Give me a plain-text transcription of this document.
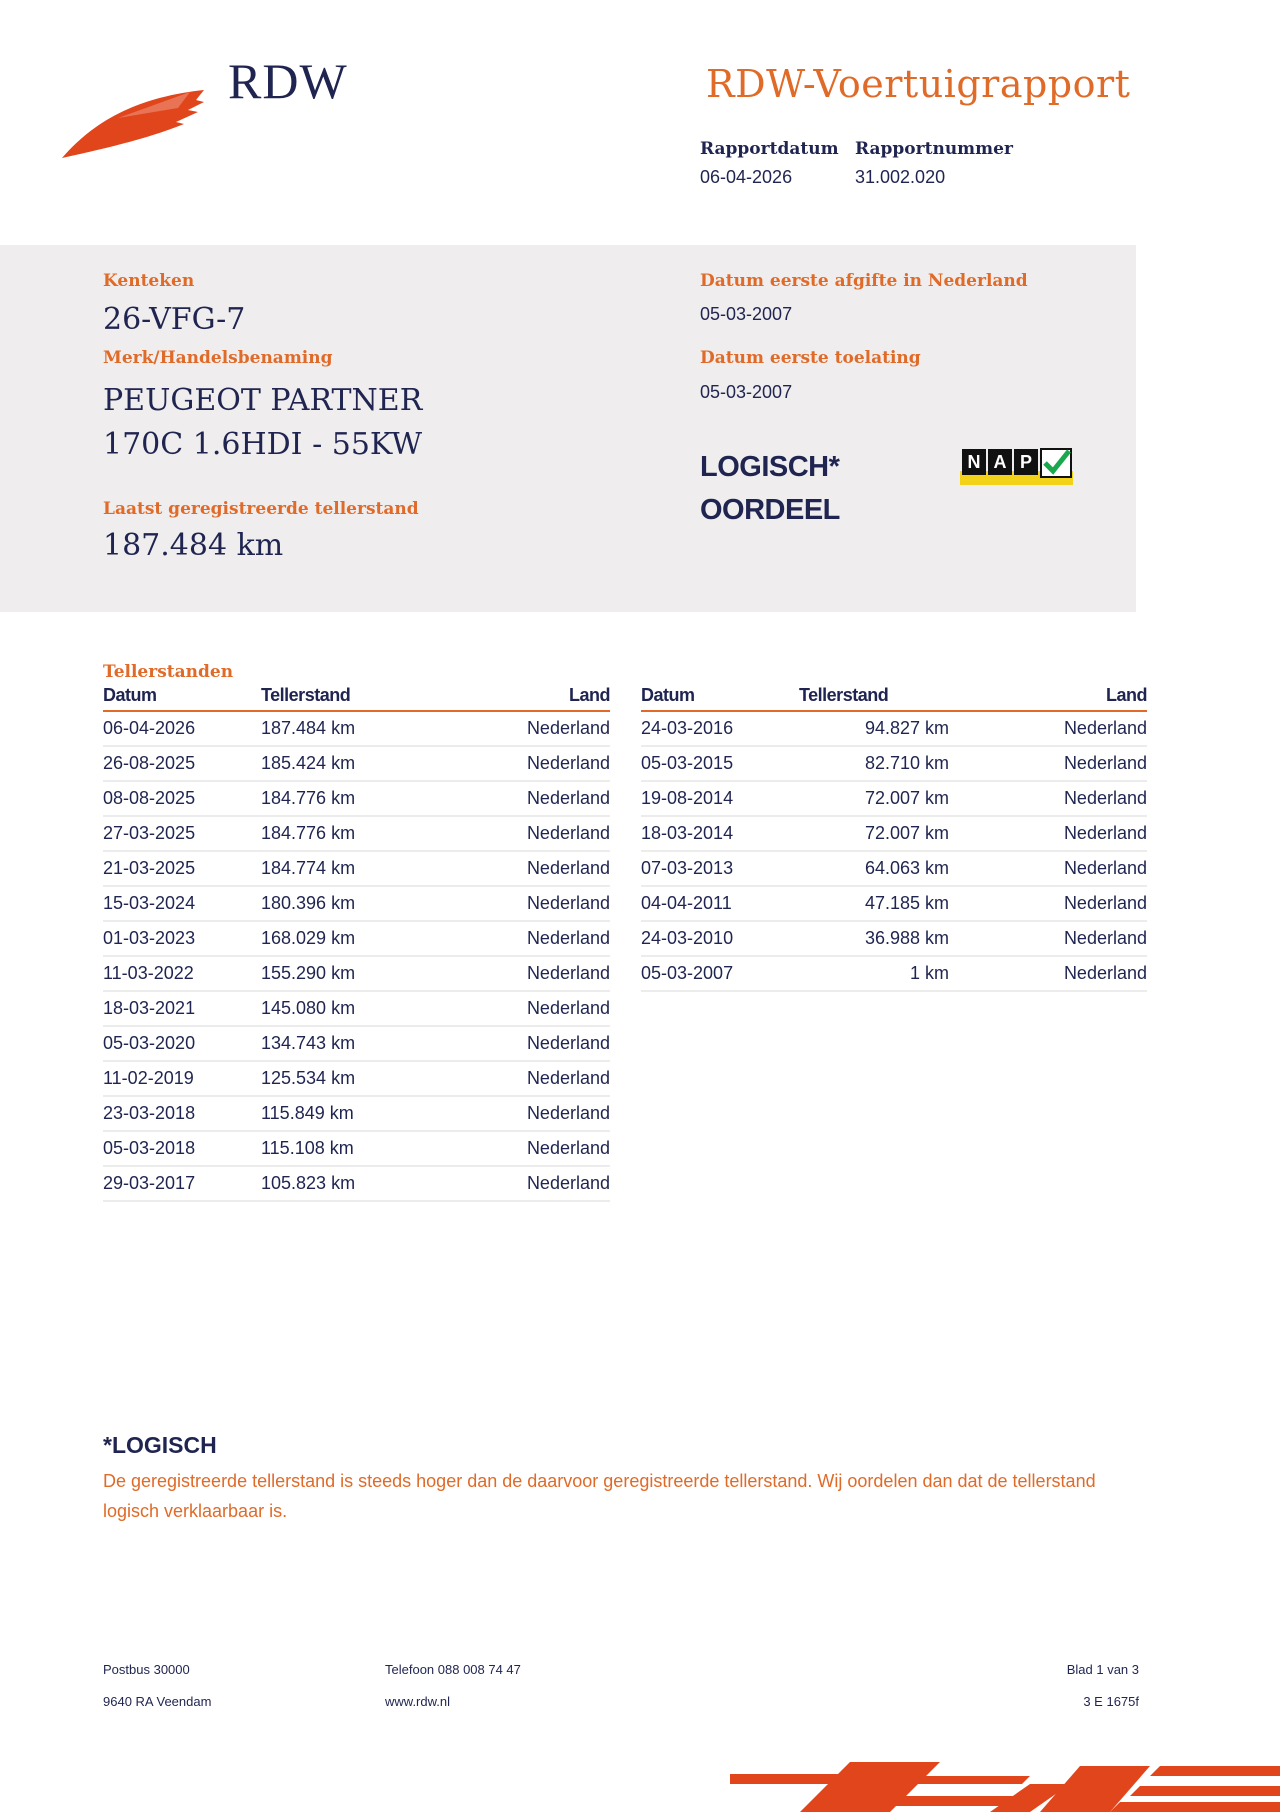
RDW	RDW-Voertuigrapport
Rapportdatum
06-04-2026
Rapportnummer
31.002.020
Kenteken
26-VFG-7
Merk/Handelsbenaming
PEUGEOT PARTNER
170C 1.6HDI - 55KW
Laatst geregistreerde tellerstand
187.484 km
Datum eerste afgifte in Nederland
05-03-2007
Datum eerste toelating
05-03-2007
LOGISCH*
OORDEEL
N A P
Tellerstanden
Datum	Tellerstand	Land
06-04-2026	187.484 km	Nederland
26-08-2025	185.424 km	Nederland
08-08-2025	184.776 km	Nederland
27-03-2025	184.776 km	Nederland
21-03-2025	184.774 km	Nederland
15-03-2024	180.396 km	Nederland
01-03-2023	168.029 km	Nederland
11-03-2022	155.290 km	Nederland
18-03-2021	145.080 km	Nederland
05-03-2020	134.743 km	Nederland
11-02-2019	125.534 km	Nederland
23-03-2018	115.849 km	Nederland
05-03-2018	115.108 km	Nederland
29-03-2017	105.823 km	Nederland
Datum	Tellerstand	Land
24-03-2016	94.827 km	Nederland
05-03-2015	82.710 km	Nederland
19-08-2014	72.007 km	Nederland
18-03-2014	72.007 km	Nederland
07-03-2013	64.063 km	Nederland
04-04-2011	47.185 km	Nederland
24-03-2010	36.988 km	Nederland
05-03-2007	1 km	Nederland
*LOGISCH
De geregistreerde tellerstand is steeds hoger dan de daarvoor geregistreerde tellerstand. Wij oordelen dan dat de tellerstand logisch verklaarbaar is.
Postbus 30000
9640 RA Veendam
Telefoon 088 008 74 47
www.rdw.nl
Blad 1 van 3
3 E 1675f
